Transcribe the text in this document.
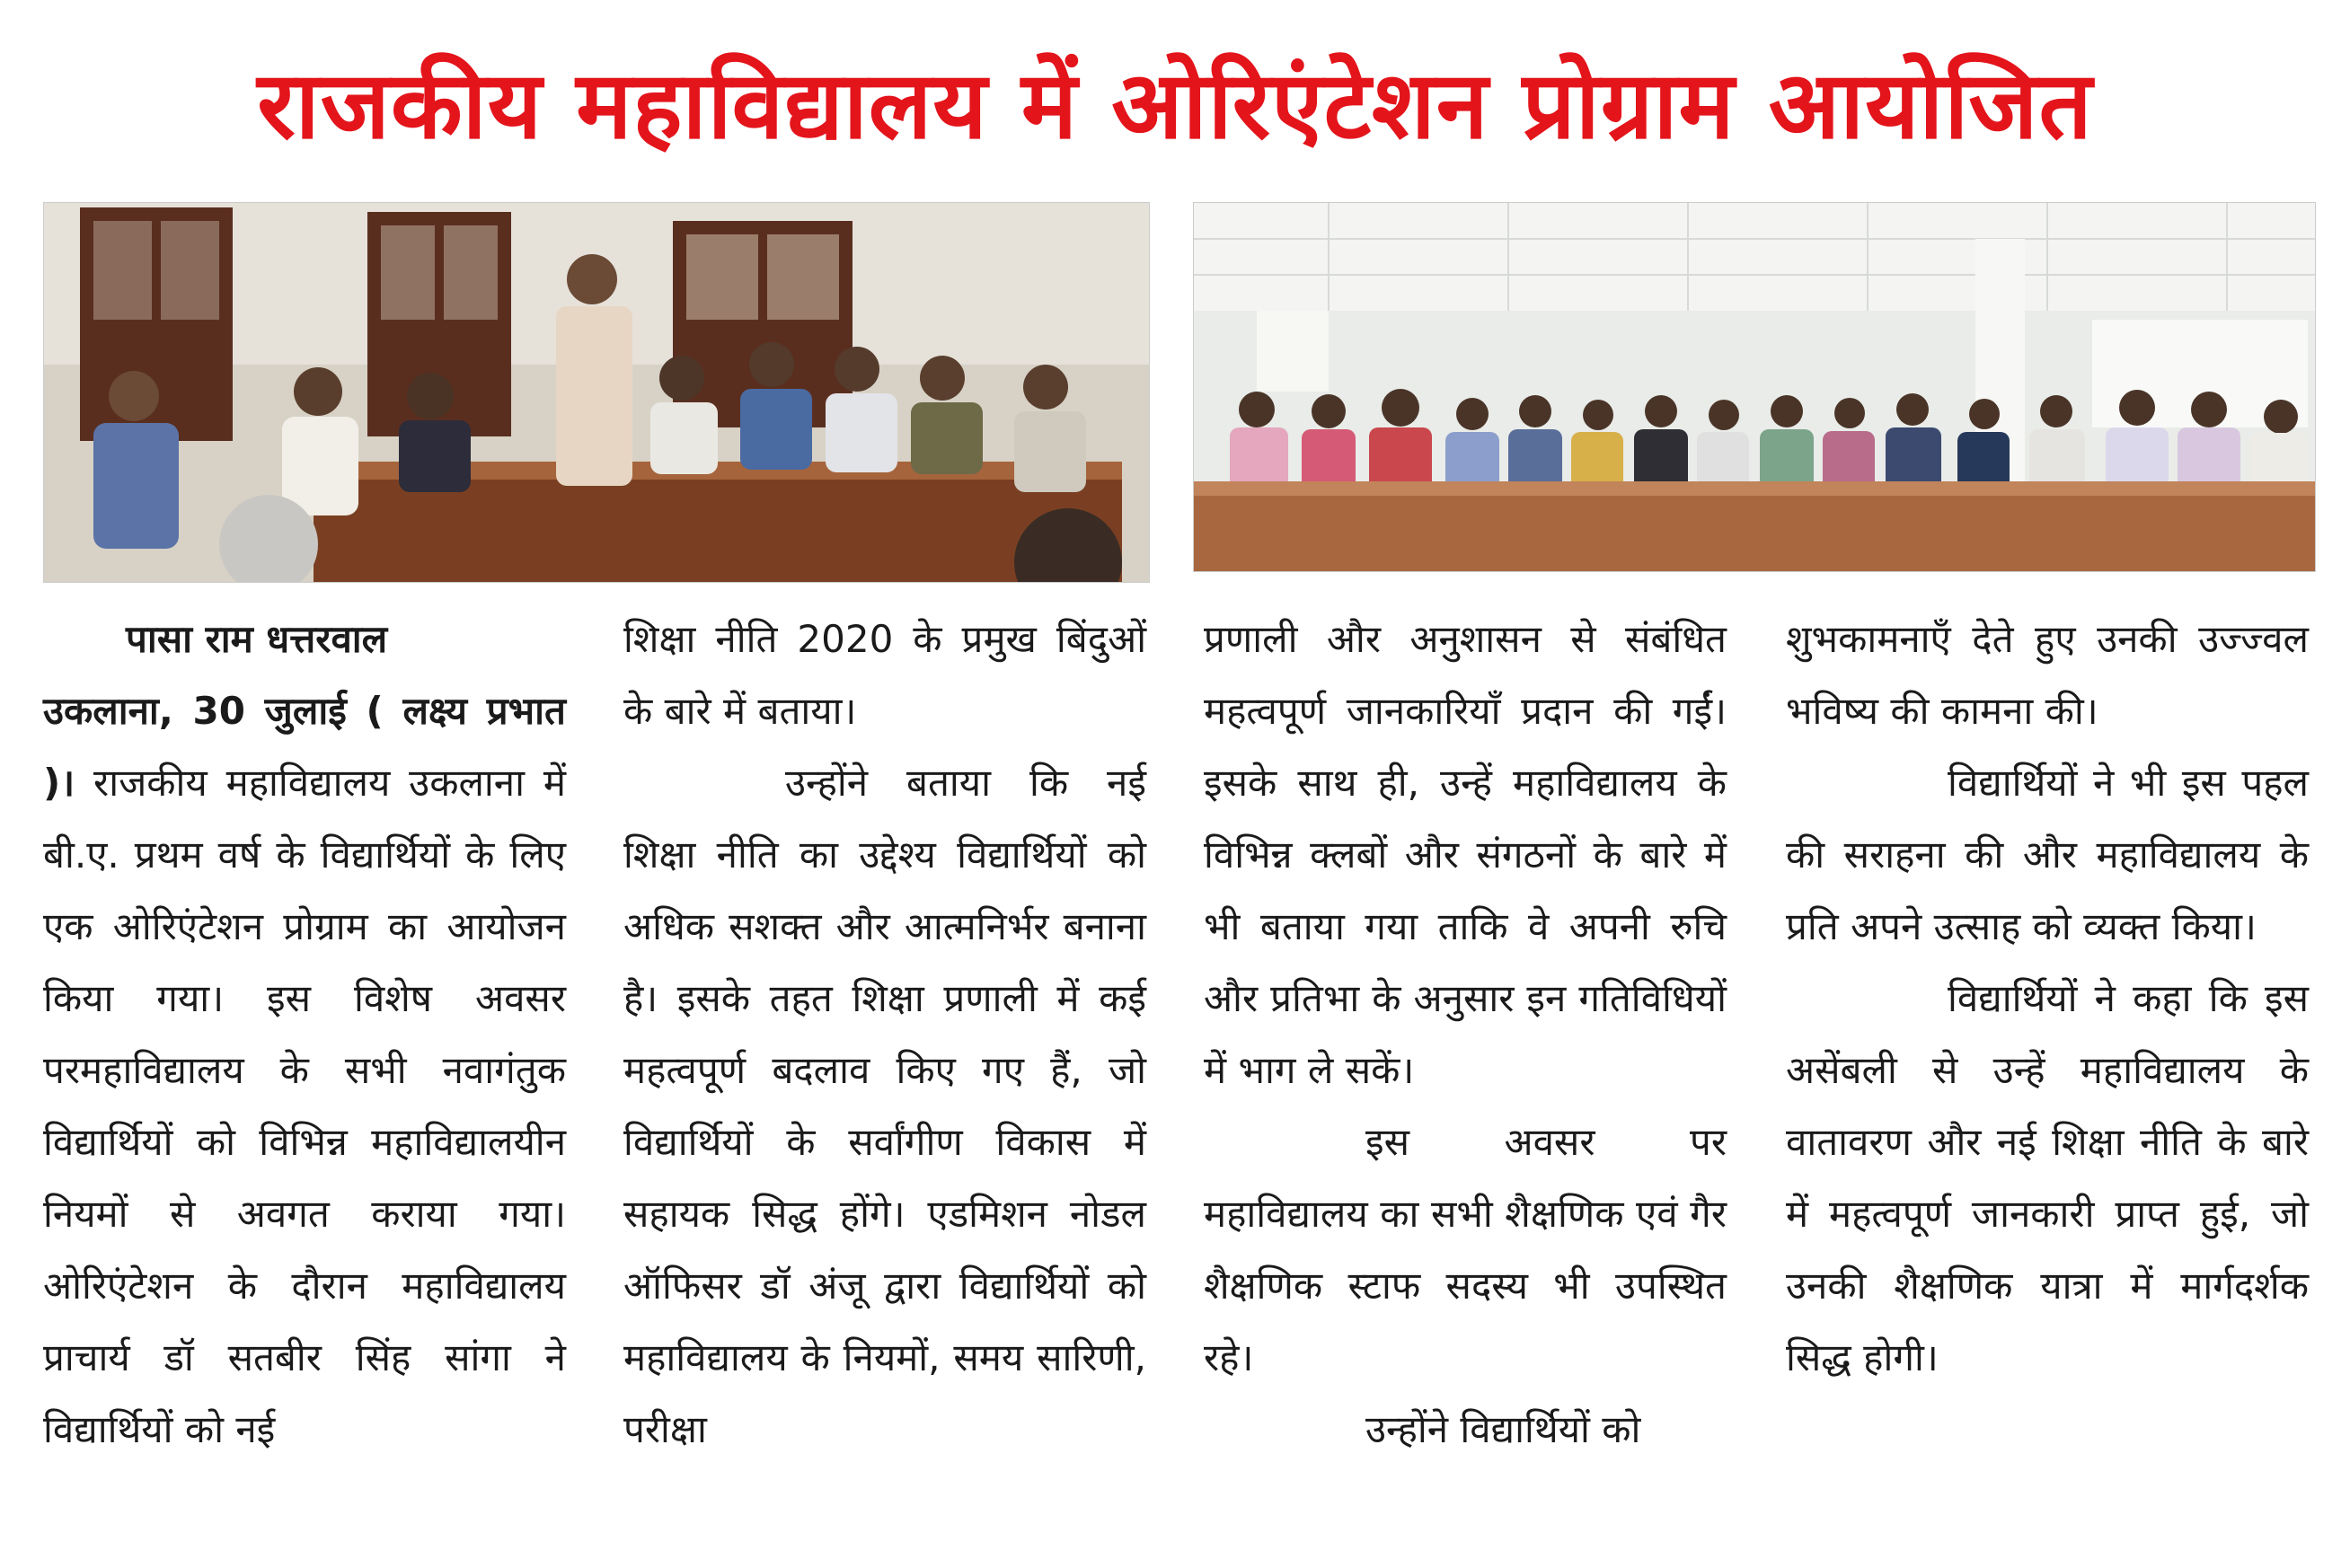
राजकीय महाविद्यालय में ओरिएंटेशन प्रोग्राम आयोजित

पासा राम धत्तरवाल

उकलाना, 30 जुलाई ( लक्ष्य प्रभात )। राजकीय महाविद्यालय उकलाना में बी.ए. प्रथम वर्ष के विद्यार्थियों के लिए एक ओरिएंटेशन प्रोग्राम का आयोजन किया गया। इस विशेष अवसर परमहाविद्यालय के सभी नवागंतुक विद्यार्थियों को विभिन्न महाविद्यालयीन नियमों से अवगत कराया गया। ओरिएंटेशन के दौरान महाविद्यालय प्राचार्य डॉ सतबीर सिंह सांगा ने विद्यार्थियों को नई

शिक्षा नीति 2020 के प्रमुख बिंदुओं के बारे में बताया।

उन्होंने बताया कि नई शिक्षा नीति का उद्देश्य विद्यार्थियों को अधिक सशक्त और आत्मनिर्भर बनाना है। इसके तहत शिक्षा प्रणाली में कई महत्वपूर्ण बदलाव किए गए हैं, जो विद्यार्थियों के सर्वांगीण विकास में सहायक सिद्ध होंगे। एडमिशन नोडल ऑफिसर डॉ अंजू द्वारा विद्यार्थियों को महाविद्यालय के नियमों, समय सारिणी, परीक्षा

प्रणाली और अनुशासन से संबंधित महत्वपूर्ण जानकारियाँ प्रदान की गईं। इसके साथ ही, उन्हें महाविद्यालय के विभिन्न क्लबों और संगठनों के बारे में भी बताया गया ताकि वे अपनी रुचि और प्रतिभा के अनुसार इन गतिविधियों में भाग ले सकें।

इस अवसर पर महाविद्यालय का सभी शैक्षणिक एवं गैर शैक्षणिक स्टाफ सदस्य भी उपस्थित रहे।

उन्होंने विद्यार्थियों को

शुभकामनाएँ देते हुए उनकी उज्ज्वल भविष्य की कामना की।

विद्यार्थियों ने भी इस पहल की सराहना की और महाविद्यालय के प्रति अपने उत्साह को व्यक्त किया।

विद्यार्थियों ने कहा कि इस असेंबली से उन्हें महाविद्यालय के वातावरण और नई शिक्षा नीति के बारे में महत्वपूर्ण जानकारी प्राप्त हुई, जो उनकी शैक्षणिक यात्रा में मार्गदर्शक सिद्ध होगी।
